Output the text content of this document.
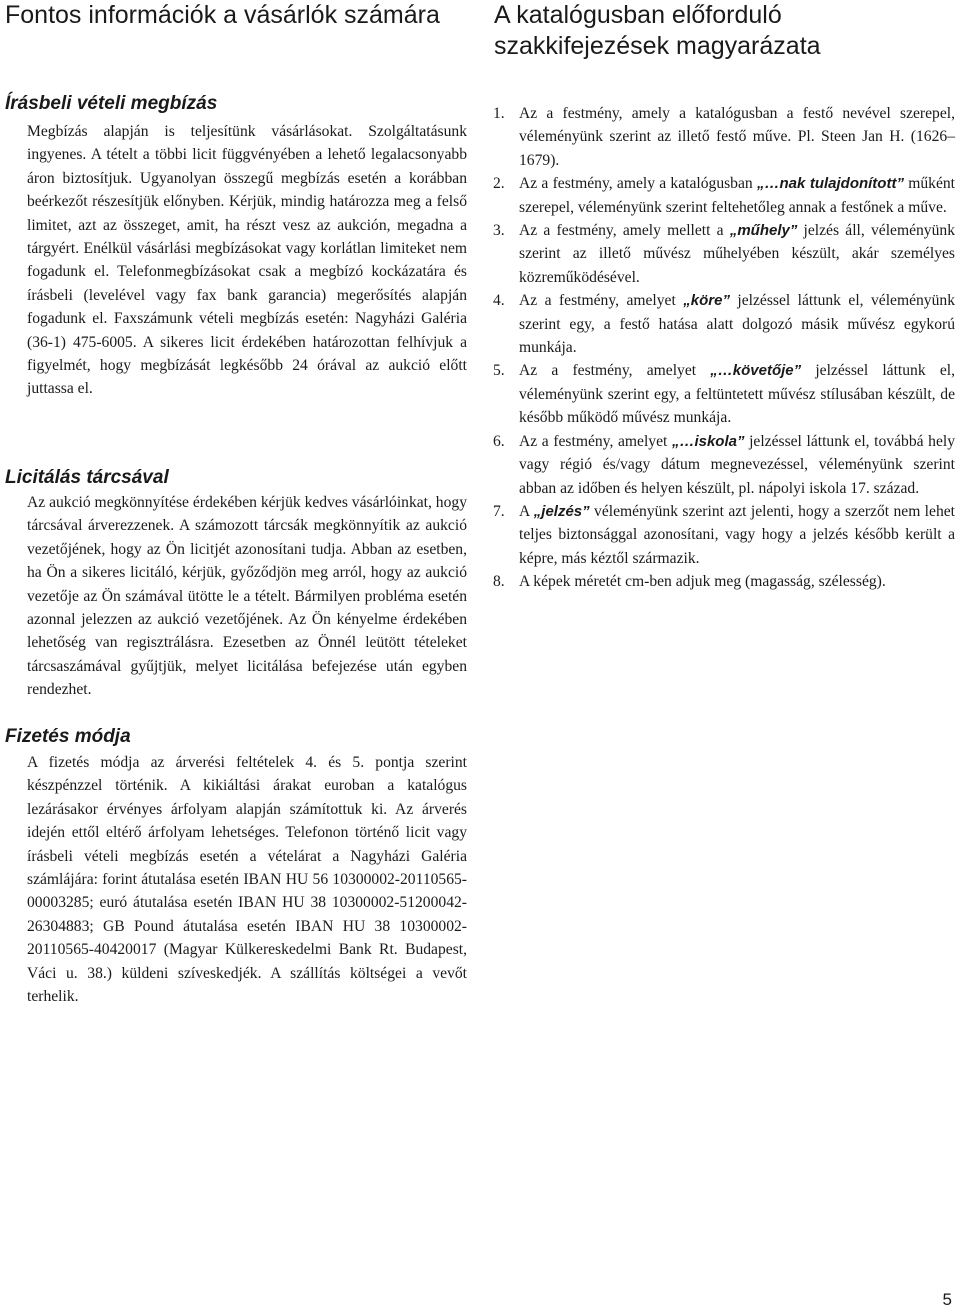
Fontos információk a vásárlók számára
Írásbeli vételi megbízás

Megbízás alapján is teljesítünk vásárlásokat. Szolgáltatásunk ingyenes. A tételt a többi licit függvényében a lehető legalacsonyabb áron biztosítjuk. Ugyanolyan összegű megbízás esetén a korábban beérkezőt részesítjük előnyben. Kérjük, mindig határozza meg a felső limitet, azt az összeget, amit, ha részt vesz az aukción, megadna a tárgyért. Enélkül vásárlási megbízásokat vagy korlátlan limiteket nem fogadunk el. Telefonmegbízásokat csak a megbízó kockázatára és írásbeli (levelével vagy fax bank garancia) megerősítés alapján fogadunk el. Faxszámunk vételi megbízás esetén: Nagyházi Galéria (36-1) 475-6005. A sikeres licit érdekében határozottan felhívjuk a figyelmét, hogy megbízását legkésőbb 24 órával az aukció előtt juttassa el.

Licitálás tárcsával

Az aukció megkönnyítése érdekében kérjük kedves vásárlóinkat, hogy tárcsával árverezzenek. A számozott tárcsák megkönnyítik az aukció vezetőjének, hogy az Ön licitjét azonosítani tudja. Abban az esetben, ha Ön a sikeres licitáló, kérjük, győződjön meg arról, hogy az aukció vezetője az Ön számával ütötte le a tételt. Bármilyen probléma esetén azonnal jelezzen az aukció vezetőjének. Az Ön kényelme érdekében lehetőség van regisztrálásra. Ezesetben az Önnél leütött tételeket tárcsaszámával gyűjtjük, melyet licitálása befejezése után egyben rendezhet.

Fizetés módja

A fizetés módja az árverési feltételek 4. és 5. pontja szerint készpénzzel történik. A kikiáltási árakat euroban a katalógus lezárásakor érvényes árfolyam alapján számítottuk ki. Az árverés idején ettől eltérő árfolyam lehetséges. Telefonon történő licit vagy írásbeli vételi megbízás esetén a vételárat a Nagyházi Galéria számlájára: forint átutalása esetén IBAN HU 56 10300002-20110565-00003285; euró átutalása esetén IBAN HU 38 10300002-51200042-26304883; GB Pound átutalása esetén IBAN HU 38 10300002-20110565-40420017 (Magyar Külkereskedelmi Bank Rt. Budapest, Váci u. 38.) küldeni szíveskedjék. A szállítás költségei a vevőt terhelik.

A katalógusban előforduló
szakkifejezések magyarázata
1. Az a festmény, amely a katalógusban a festő nevével szerepel, véleményünk szerint az illető festő műve. Pl. Steen Jan H. (1626–1679).
2. Az a festmény, amely a katalógusban „…nak tulajdonított” műként szerepel, véleményünk szerint feltehetőleg annak a festőnek a műve.
3. Az a festmény, amely mellett a „műhely” jelzés áll, véleményünk szerint az illető művész műhelyében készült, akár személyes közreműködésével.
4. Az a festmény, amelyet „köre” jelzéssel láttunk el, véleményünk szerint egy, a festő hatása alatt dolgozó másik művész egykorú munkája.
5. Az a festmény, amelyet „…követője” jelzéssel láttunk el, véleményünk szerint egy, a feltüntetett művész stílusában készült, de később működő művész munkája.
6. Az a festmény, amelyet „…iskola” jelzéssel láttunk el, továbbá hely vagy régió és/vagy dátum megnevezéssel, véleményünk szerint abban az időben és helyen készült, pl. nápolyi iskola 17. század.
7. A „jelzés” véleményünk szerint azt jelenti, hogy a szerzőt nem lehet teljes biztonsággal azonosítani, vagy hogy a jelzés később került a képre, más kéztől származik.
8. A képek méretét cm-ben adjuk meg (magasság, szélesség).
5
